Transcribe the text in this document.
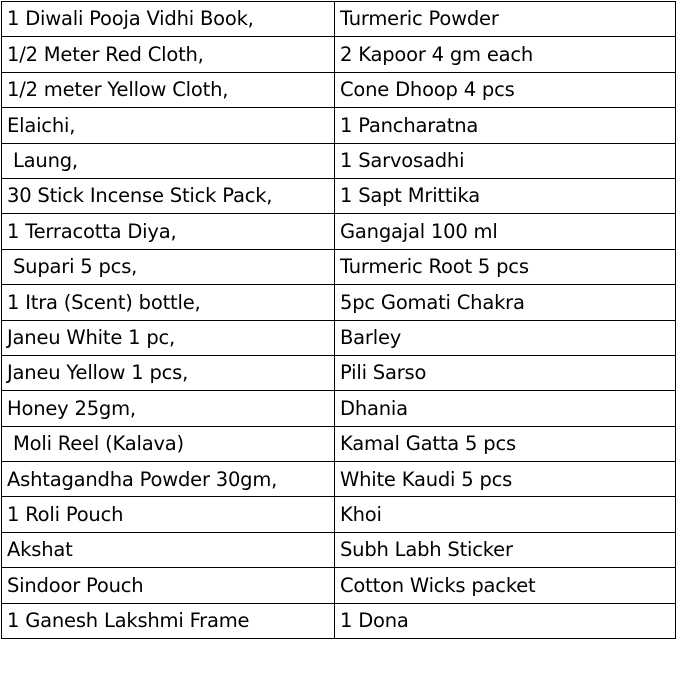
1 Diwali Pooja Vidhi Book,	Turmeric Powder
1/2 Meter Red Cloth,	2 Kapoor 4 gm each
1/2 meter Yellow Cloth,	Cone Dhoop 4 pcs
Elaichi,	1 Pancharatna
Laung,	1 Sarvosadhi
30 Stick Incense Stick Pack,	1 Sapt Mrittika
1 Terracotta Diya,	Gangajal 100 ml
Supari 5 pcs,	Turmeric Root 5 pcs
1 Itra (Scent) bottle,	5pc Gomati Chakra
Janeu White 1 pc,	Barley
Janeu Yellow 1 pcs,	Pili Sarso
Honey 25gm,	Dhania
Moli Reel (Kalava)	Kamal Gatta 5 pcs
Ashtagandha Powder 30gm,	White Kaudi 5 pcs
1 Roli Pouch	Khoi
Akshat	Subh Labh Sticker
Sindoor Pouch	Cotton Wicks packet
1 Ganesh Lakshmi Frame	1 Dona
